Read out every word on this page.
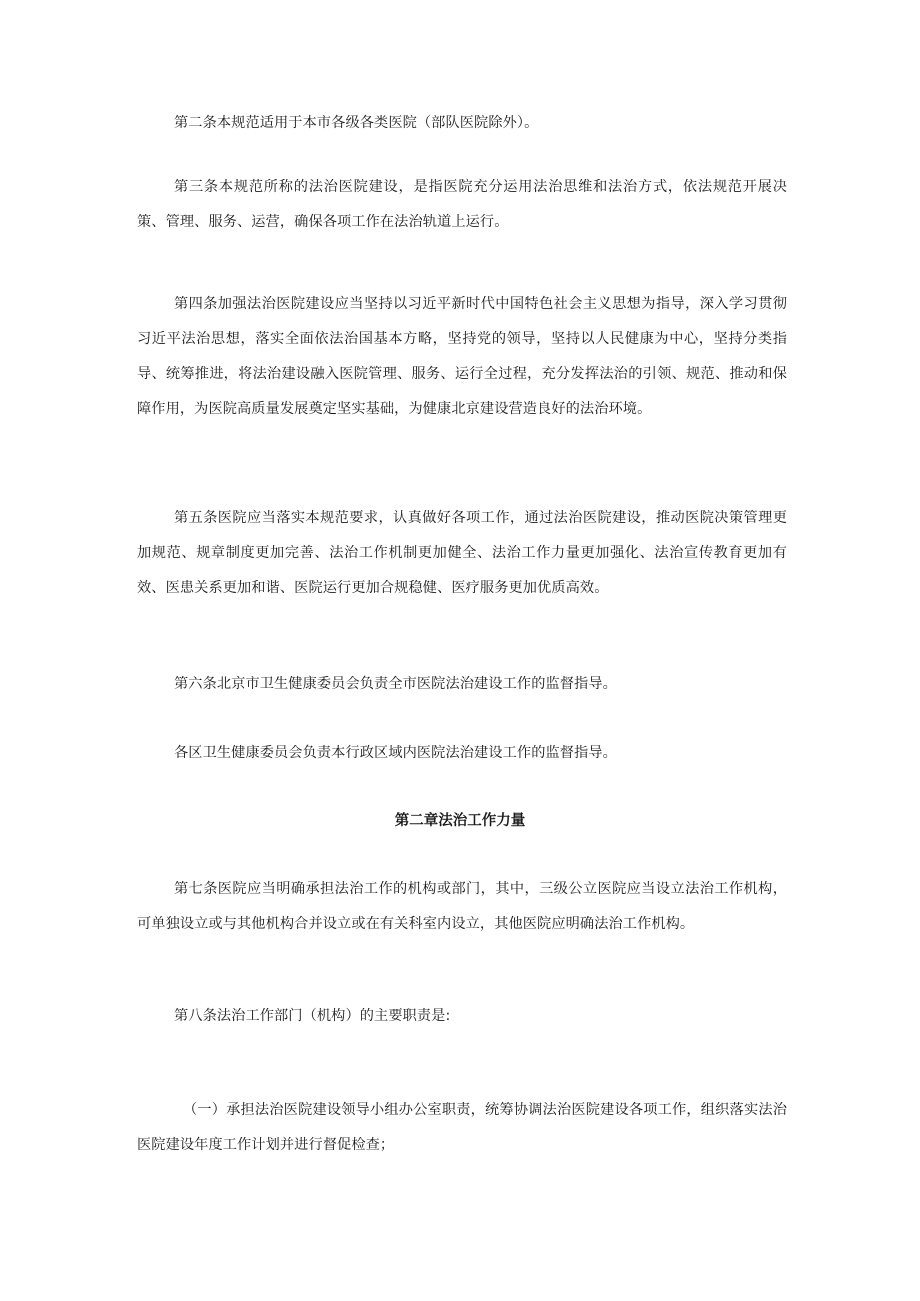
第二条本规范适用于本市各级各类医院（部队医院除外）。

第三条本规范所称的法治医院建设，是指医院充分运用法治思维和法治方式，依法规范开展决策、管理、服务、运营，确保各项工作在法治轨道上运行。

第四条加强法治医院建设应当坚持以习近平新时代中国特色社会主义思想为指导，深入学习贯彻习近平法治思想，落实全面依法治国基本方略，坚持党的领导，坚持以人民健康为中心，坚持分类指导、统筹推进，将法治建设融入医院管理、服务、运行全过程，充分发挥法治的引领、规范、推动和保障作用，为医院高质量发展奠定坚实基础，为健康北京建设营造良好的法治环境。

第五条医院应当落实本规范要求，认真做好各项工作，通过法治医院建设，推动医院决策管理更加规范、规章制度更加完善、法治工作机制更加健全、法治工作力量更加强化、法治宣传教育更加有效、医患关系更加和谐、医院运行更加合规稳健、医疗服务更加优质高效。

第六条北京市卫生健康委员会负责全市医院法治建设工作的监督指导。

各区卫生健康委员会负责本行政区域内医院法治建设工作的监督指导。

第二章法治工作力量

第七条医院应当明确承担法治工作的机构或部门，其中，三级公立医院应当设立法治工作机构，可单独设立或与其他机构合并设立或在有关科室内设立，其他医院应明确法治工作机构。

第八条法治工作部门（机构）的主要职责是:

（一）承担法治医院建设领导小组办公室职责，统筹协调法治医院建设各项工作，组织落实法治医院建设年度工作计划并进行督促检查；
